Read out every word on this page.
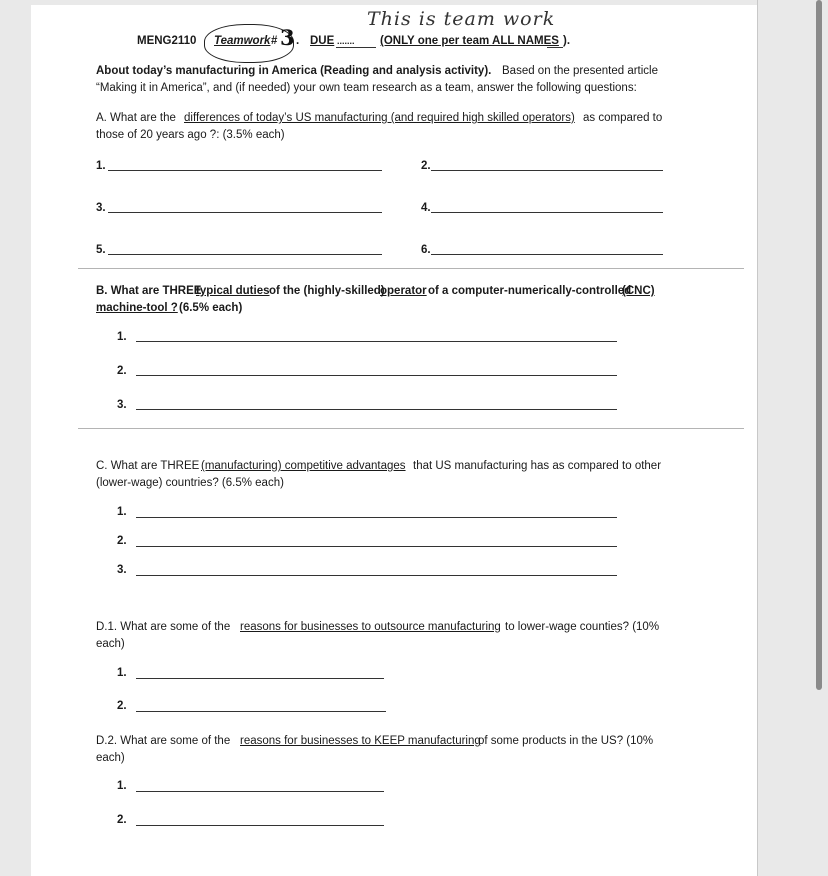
MENG2110 Teamwork # 3 . DUE ....... (ONLY one per team ALL NAMES ).
This is team work
About today’s manufacturing in America (Reading and analysis activity). Based on the presented article
“Making it in America”, and (if needed) your own team research as a team, answer the following questions:
A. What are the differences of today’s US manufacturing (and required high skilled operators) as compared to
those of 20 years ago ?: (3.5% each)
1.	2.
3.	4.
5.	6.
B. What are THREE
typical duties of the (highly-skilled)
operator of a computer-numerically-controlled
(CNC)
machine-tool ? (6.5% each)
1.
2.
3.
C. What are THREE (manufacturing) competitive advantages that US manufacturing has as compared to other
(lower-wage) countries? (6.5% each)
1.
2.
3.
D.1. What are some of the reasons for businesses to outsource manufacturing to lower-wage counties? (10%
each)
1.
2.
D.2. What are some of the reasons for businesses to KEEP manufacturing
of some products in the US? (10%
each)
1.
2.
